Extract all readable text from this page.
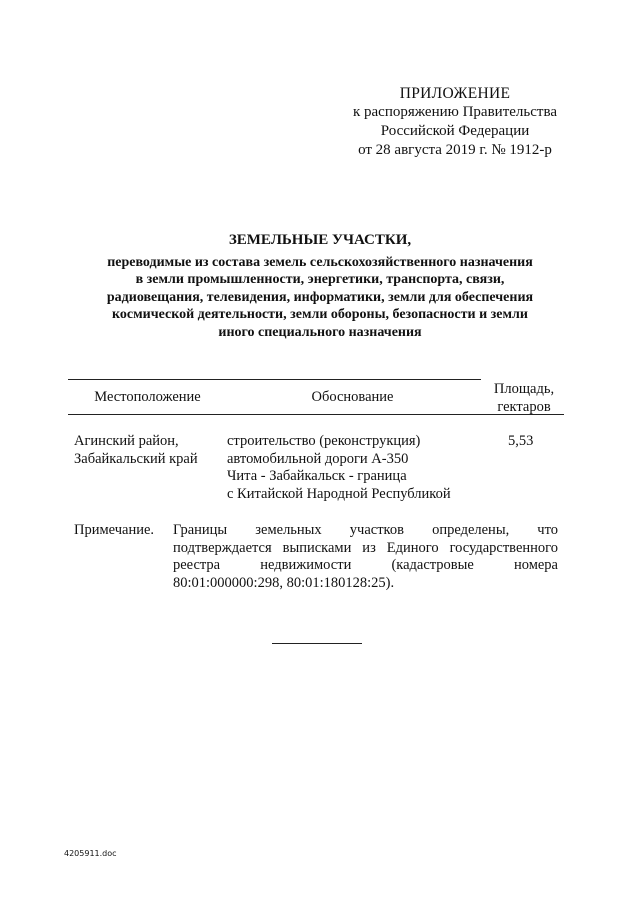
ПРИЛОЖЕНИЕ
к распоряжению Правительства
Российской Федерации
от 28 августа 2019 г. № 1912-р
ЗЕМЕЛЬНЫЕ УЧАСТКИ,
переводимые из состава земель сельскохозяйственного назначения
в земли промышленности, энергетики, транспорта, связи,
радиовещания, телевидения, информатики, земли для обеспечения
космической деятельности, земли обороны, безопасности и земли
иного специального назначения
Местоположение	Обоснование	Площадь,
гектаров
Агинский район,
Забайкальский край
строительство (реконструкция)
автомобильной дороги А-350
Чита - Забайкальск - граница
с Китайской Народной Республикой
5,53
Примечание. Границы земельных участков определены, что
подтверждается выписками из Единого государственного
реестра недвижимости (кадастровые номера
80:01:000000:298, 80:01:180128:25).
4205911.doc
